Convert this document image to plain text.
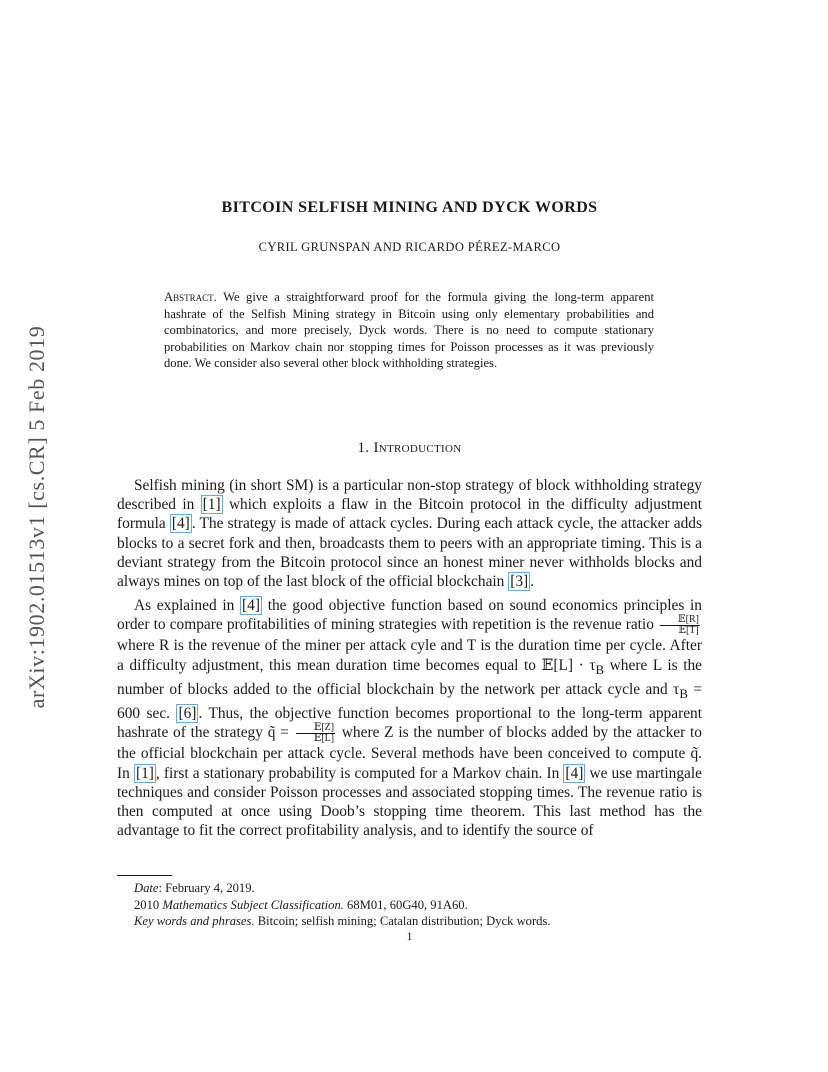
arXiv:1902.01513v1 [cs.CR] 5 Feb 2019
BITCOIN SELFISH MINING AND DYCK WORDS
CYRIL GRUNSPAN AND RICARDO PÉREZ-MARCO
Abstract. We give a straightforward proof for the formula giving the long-term apparent hashrate of the Selfish Mining strategy in Bitcoin using only elementary probabilities and combinatorics, and more precisely, Dyck words. There is no need to compute stationary probabilities on Markov chain nor stopping times for Poisson processes as it was previously done. We consider also several other block withholding strategies.
1. Introduction

Selfish mining (in short SM) is a particular non-stop strategy of block withholding strategy described in [1] which exploits a flaw in the Bitcoin protocol in the difficulty adjustment formula [4] . The strategy is made of attack cycles. During each attack cycle, the attacker adds blocks to a secret fork and then, broadcasts them to peers with an appropriate timing. This is a deviant strategy from the Bitcoin protocol since an honest miner never withholds blocks and always mines on top of the last block of the official blockchain [3] .

As explained in [4] the good objective function based on sound economics principles in order to compare profitabilities of mining strategies with repetition is the revenue ratio $\frac{\text{𝔼[R]}}{\text{𝔼[T]}}$
where R is the revenue of the miner per attack cyle and T is the duration time per cycle. After a difficulty adjustment, this mean duration time becomes equal to 𝔼[L] · $\tau_B$ where L is the number of blocks added to the official blockchain by the network per attack cycle and $\tau_B = 600$ sec. [6] . Thus, the objective function becomes proportional to the long-term apparent hashrate of the strategy q̃ = $\frac{\text{𝔼[Z]}}{\text{𝔼[L]}}$ where Z is the number of blocks added by the attacker to the official blockchain per attack cycle. Several methods have been conceived to compute q̃. In [1] , first a stationary probability is computed for a Markov chain. In [4] we use martingale techniques and consider Poisson processes and associated stopping times. The revenue ratio is then computed at once using Doob’s stopping time theorem. This last method has the advantage to fit the correct profitability analysis, and to identify the source of

Date: February 4, 2019.
2010 Mathematics Subject Classification. 68M01, 60G40, 91A60.
Key words and phrases. Bitcoin; selfish mining; Catalan distribution; Dyck words.
1
